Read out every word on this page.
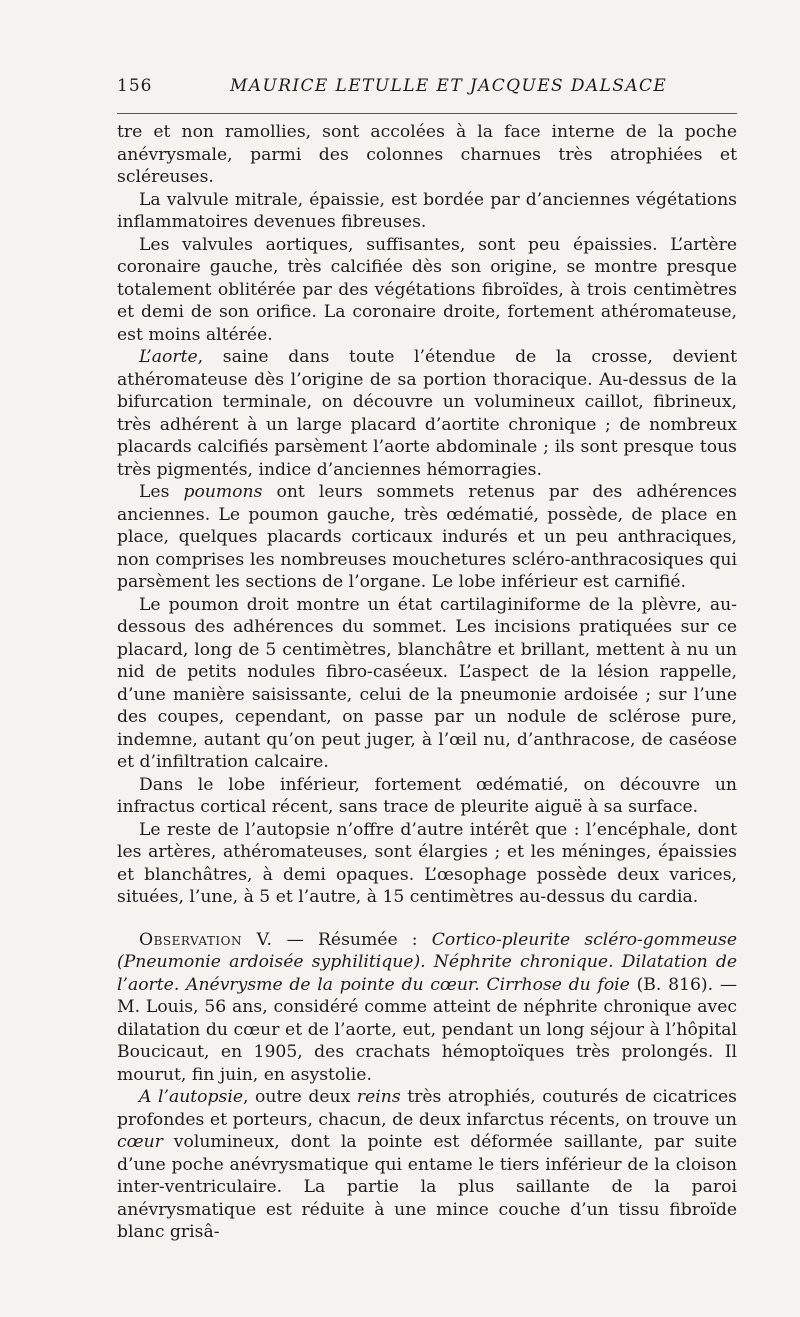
156	MAURICE LETULLE ET JACQUES DALSACE

tre et non ramollies, sont accolées à la face interne de la poche anévrysmale, parmi des colonnes charnues très atrophiées et scléreuses.

La valvule mitrale, épaissie, est bordée par d’anciennes végétations inflammatoires devenues fibreuses.

Les valvules aortiques, suffisantes, sont peu épaissies. L’artère coronaire gauche, très calcifiée dès son origine, se montre presque totalement oblitérée par des végétations fibroïdes, à trois centimètres et demi de son orifice. La coronaire droite, fortement athéromateuse, est moins altérée.

L’aorte, saine dans toute l’étendue de la crosse, devient athéromateuse dès l’origine de sa portion thoracique. Au-dessus de la bifurcation terminale, on découvre un volumineux caillot, fibrineux, très adhérent à un large placard d’aortite chronique ; de nombreux placards calcifiés parsèment l’aorte abdominale ; ils sont presque tous très pigmentés, indice d’anciennes hémorragies.

Les poumons ont leurs sommets retenus par des adhérences anciennes. Le poumon gauche, très œdématié, possède, de place en place, quelques placards corticaux indurés et un peu anthraciques, non comprises les nombreuses mouchetures scléro-anthracosiques qui parsèment les sections de l’organe. Le lobe inférieur est carnifié.

Le poumon droit montre un état cartilaginiforme de la plèvre, au-dessous des adhérences du sommet. Les incisions pratiquées sur ce placard, long de 5 centimètres, blanchâtre et brillant, mettent à nu un nid de petits nodules fibro-caséeux. L’aspect de la lésion rappelle, d’une manière saisissante, celui de la pneumonie ardoisée ; sur l’une des coupes, cependant, on passe par un nodule de sclérose pure, indemne, autant qu’on peut juger, à l’œil nu, d’anthracose, de caséose et d’infiltration calcaire.

Dans le lobe inférieur, fortement œdématié, on découvre un infractus cortical récent, sans trace de pleurite aiguë à sa surface.

Le reste de l’autopsie n’offre d’autre intérêt que : l’encéphale, dont les artères, athéromateuses, sont élargies ; et les méninges, épaissies et blanchâtres, à demi opaques. L’œsophage possède deux varices, situées, l’une, à 5 et l’autre, à 15 centimètres au-dessus du cardia.

Observation V. — Résumée : Cortico-pleurite scléro-gommeuse (Pneumonie ardoisée syphilitique). Néphrite chronique. Dilatation de l’aorte. Anévrysme de la pointe du cœur. Cirrhose du foie (B. 816). — M. Louis, 56 ans, considéré comme atteint de néphrite chronique avec dilatation du cœur et de l’aorte, eut, pendant un long séjour à l’hôpital Boucicaut, en 1905, des crachats hémoptoïques très prolongés. Il mourut, fin juin, en asystolie.

A l’autopsie, outre deux reins très atrophiés, couturés de cicatrices profondes et porteurs, chacun, de deux infarctus récents, on trouve un cœur volumineux, dont la pointe est déformée saillante, par suite d’une poche anévrysmatique qui entame le tiers inférieur de la cloison inter-ventriculaire. La partie la plus saillante de la paroi anévrysmatique est réduite à une mince couche d’un tissu fibroïde blanc grisâ-
